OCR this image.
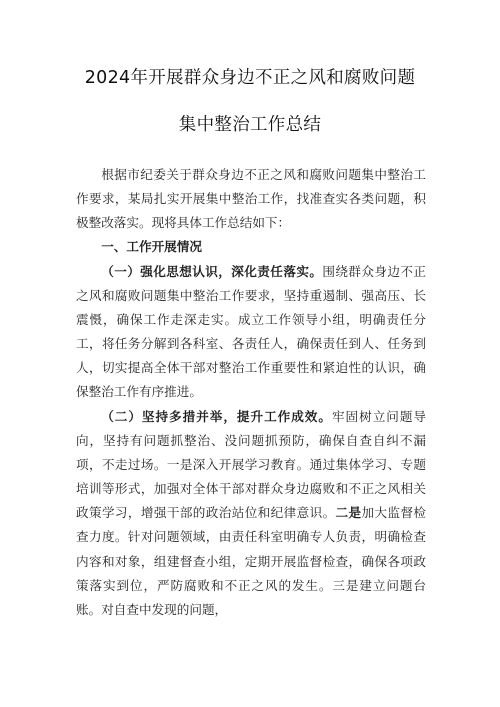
2024年开展群众身边不正之风和腐败问题
集中整治工作总结

根据市纪委关于群众身边不正之风和腐败问题集中整治工作要求，某局扎实开展集中整治工作，找准查实各类问题，积极整改落实。现将具体工作总结如下：

一、工作开展情况

（一）强化思想认识，深化责任落实。围绕群众身边不正之风和腐败问题集中整治工作要求，坚持重遏制、强高压、长震慑，确保工作走深走实。成立工作领导小组，明确责任分工，将任务分解到各科室、各责任人，确保责任到人、任务到人，切实提高全体干部对整治工作重要性和紧迫性的认识，确保整治工作有序推进。

（二）坚持多措并举，提升工作成效。牢固树立问题导向，坚持有问题抓整治、没问题抓预防，确保自查自纠不漏项，不走过场。一是深入开展学习教育。通过集体学习、专题培训等形式，加强对全体干部对群众身边腐败和不正之风相关政策学习，增强干部的政治站位和纪律意识。二是加大监督检查力度。针对问题领域，由责任科室明确专人负责，明确检查内容和对象，组建督查小组，定期开展监督检查，确保各项政策落实到位，严防腐败和不正之风的发生。三是建立问题台账。对自查中发现的问题，
